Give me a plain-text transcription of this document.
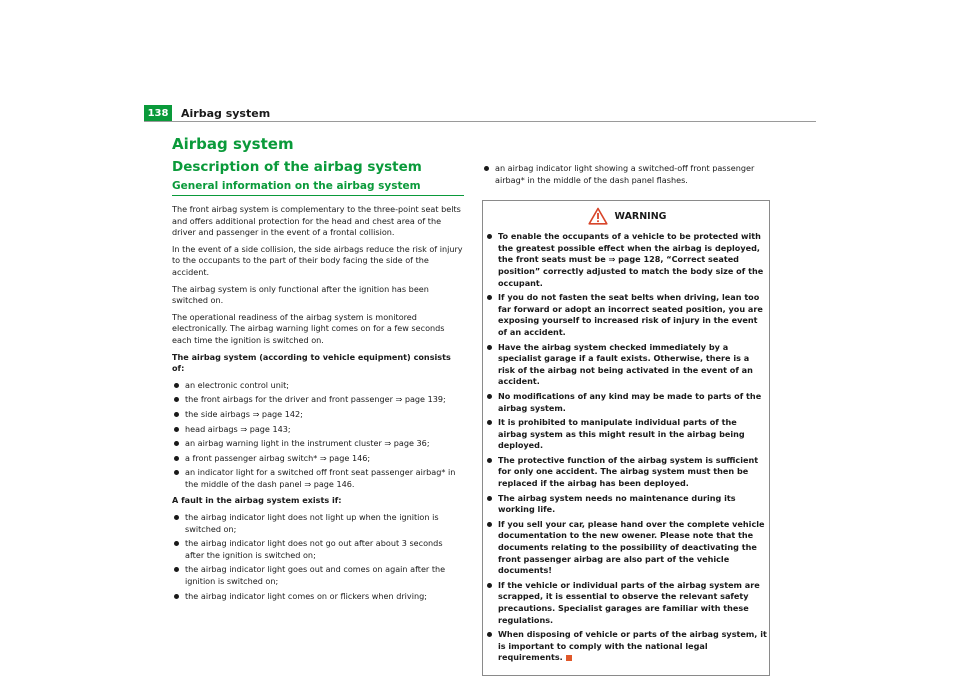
138	Airbag system
Airbag system
Description of the airbag system
General information on the airbag system

The front airbag system is complementary to the three-point seat belts and offers additional protection for the head and chest area of the driver and passenger in the event of a frontal collision.

In the event of a side collision, the side airbags reduce the risk of injury to the occupants to the part of their body facing the side of the accident.

The airbag system is only functional after the ignition has been switched on.

The operational readiness of the airbag system is monitored electronically. The airbag warning light comes on for a few seconds each time the ignition is switched on.

The airbag system (according to vehicle equipment) consists of:

an electronic control unit;
the front airbags for the driver and front passenger ⇒ page 139;
the side airbags ⇒ page 142;
head airbags ⇒ page 143;
an airbag warning light in the instrument cluster ⇒ page 36;
a front passenger airbag switch* ⇒ page 146;
an indicator light for a switched off front seat passenger airbag* in the middle of the dash panel ⇒ page 146.

A fault in the airbag system exists if:

the airbag indicator light does not light up when the ignition is switched on;
the airbag indicator light does not go out after about 3 seconds after the ignition is switched on;
the airbag indicator light goes out and comes on again after the ignition is switched on;
the airbag indicator light comes on or flickers when driving;
an airbag indicator light showing a switched-off front passenger airbag* in the middle of the dash panel flashes.
WARNING
To enable the occupants of a vehicle to be protected with the greatest possible effect when the airbag is deployed, the front seats must be ⇒ page 128, “Correct seated position” correctly adjusted to match the body size of the occupant.
If you do not fasten the seat belts when driving, lean too far forward or adopt an incorrect seated position, you are exposing yourself to increased risk of injury in the event of an accident.
Have the airbag system checked immediately by a specialist garage if a fault exists. Otherwise, there is a risk of the airbag not being activated in the event of an accident.
No modifications of any kind may be made to parts of the airbag system.
It is prohibited to manipulate individual parts of the airbag system as this might result in the airbag being deployed.
The protective function of the airbag system is sufficient for only one accident. The airbag system must then be replaced if the airbag has been deployed.
The airbag system needs no maintenance during its working life.
If you sell your car, please hand over the complete vehicle documentation to the new owener. Please note that the documents relating to the possibility of deactivating the front passenger airbag are also part of the vehicle documents!
If the vehicle or individual parts of the airbag system are scrapped, it is essential to observe the relevant safety precautions. Specialist garages are familiar with these regulations.
When disposing of vehicle or parts of the airbag system, it is important to comply with the national legal requirements.
